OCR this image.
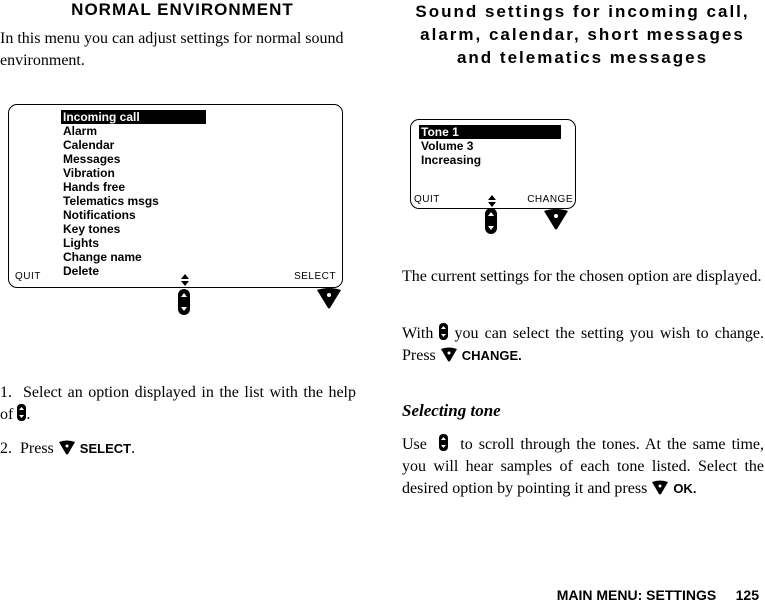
NORMAL ENVIRONMENT
In this menu you can adjust settings for normal sound environment.
Incoming call
Alarm
Calendar
Messages
Vibration
Hands free
Telematics msgs
Notifications
Key tones
Lights
Change name
Delete
QUIT	SELECT
1. Select an option displayed in the list with the help of .
2. Press SELECT.
Sound settings for incoming call, alarm, calendar, short messages and telematics messages
Tone 1
Volume 3
Increasing
QUIT	CHANGE
The current settings for the chosen option are displayed.
With you can select the setting you wish to change. Press CHANGE.
Selecting tone
Use to scroll through the tones. At the same time, you will hear samples of each tone listed. Select the desired option by pointing it and press OK.
MAIN MENU: SETTINGS 125
